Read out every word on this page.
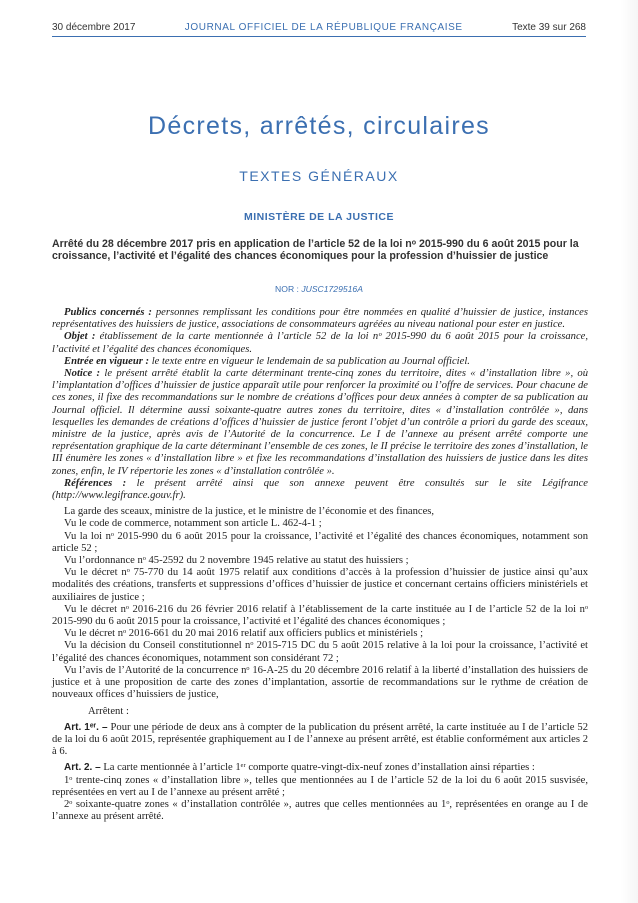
30 décembre 2017	JOURNAL OFFICIEL DE LA RÉPUBLIQUE FRANÇAISE	Texte 39 sur 268
Décrets, arrêtés, circulaires
TEXTES GÉNÉRAUX
MINISTÈRE DE LA JUSTICE
Arrêté du 28 décembre 2017 pris en application de l’article 52 de la loi nᵒ 2015-990 du 6 août 2015 pour la croissance, l’activité et l’égalité des chances économiques pour la profession d’huissier de justice
NOR : JUSC1729516A

Publics concernés : personnes remplissant les conditions pour être nommées en qualité d’huissier de justice, instances représentatives des huissiers de justice, associations de consommateurs agréées au niveau national pour ester en justice.

Objet : établissement de la carte mentionnée à l’article 52 de la loi nᵒ 2015-990 du 6 août 2015 pour la croissance, l’activité et l’égalité des chances économiques.

Entrée en vigueur : le texte entre en vigueur le lendemain de sa publication au Journal officiel.

Notice : le présent arrêté établit la carte déterminant trente-cinq zones du territoire, dites « d’installation libre », où l’implantation d’offices d’huissier de justice apparaît utile pour renforcer la proximité ou l’offre de services. Pour chacune de ces zones, il fixe des recommandations sur le nombre de créations d’offices pour deux années à compter de sa publication au Journal officiel. Il détermine aussi soixante-quatre autres zones du territoire, dites « d’installation contrôlée », dans lesquelles les demandes de créations d’offices d’huissier de justice feront l’objet d’un contrôle a priori du garde des sceaux, ministre de la justice, après avis de l’Autorité de la concurrence. Le I de l’annexe au présent arrêté comporte une représentation graphique de la carte déterminant l’ensemble de ces zones, le II précise le territoire des zones d’installation, le III énumère les zones « d’installation libre » et fixe les recommandations d’installation des huissiers de justice dans les dites zones, enfin, le IV répertorie les zones « d’installation contrôlée ».

Références : le présent arrêté ainsi que son annexe peuvent être consultés sur le site Légifrance (http://www.legifrance.gouv.fr).

La garde des sceaux, ministre de la justice, et le ministre de l’économie et des finances,

Vu le code de commerce, notamment son article L. 462-4-1 ;

Vu la loi nᵒ 2015-990 du 6 août 2015 pour la croissance, l’activité et l’égalité des chances économiques, notamment son article 52 ;

Vu l’ordonnance nᵒ 45-2592 du 2 novembre 1945 relative au statut des huissiers ;

Vu le décret nᵒ 75-770 du 14 août 1975 relatif aux conditions d’accès à la profession d’huissier de justice ainsi qu’aux modalités des créations, transferts et suppressions d’offices d’huissier de justice et concernant certains officiers ministériels et auxiliaires de justice ;

Vu le décret nᵒ 2016-216 du 26 février 2016 relatif à l’établissement de la carte instituée au I de l’article 52 de la loi nᵒ 2015-990 du 6 août 2015 pour la croissance, l’activité et l’égalité des chances économiques ;

Vu le décret nᵒ 2016-661 du 20 mai 2016 relatif aux officiers publics et ministériels ;

Vu la décision du Conseil constitutionnel nᵒ 2015-715 DC du 5 août 2015 relative à la loi pour la croissance, l’activité et l’égalité des chances économiques, notamment son considérant 72 ;

Vu l’avis de l’Autorité de la concurrence nᵒ 16-A-25 du 20 décembre 2016 relatif à la liberté d’installation des huissiers de justice et à une proposition de carte des zones d’implantation, assortie de recommandations sur le rythme de création de nouveaux offices d’huissiers de justice,

Arrêtent :

Art. 1ᵉʳ. – Pour une période de deux ans à compter de la publication du présent arrêté, la carte instituée au I de l’article 52 de la loi du 6 août 2015, représentée graphiquement au I de l’annexe au présent arrêté, est établie conformément aux articles 2 à 6.

Art. 2. – La carte mentionnée à l’article 1ᵉʳ comporte quatre-vingt-dix-neuf zones d’installation ainsi réparties :

1ᵒ trente-cinq zones « d’installation libre », telles que mentionnées au I de l’article 52 de la loi du 6 août 2015 susvisée, représentées en vert au I de l’annexe au présent arrêté ;

2ᵒ soixante-quatre zones « d’installation contrôlée », autres que celles mentionnées au 1ᵒ, représentées en orange au I de l’annexe au présent arrêté.
